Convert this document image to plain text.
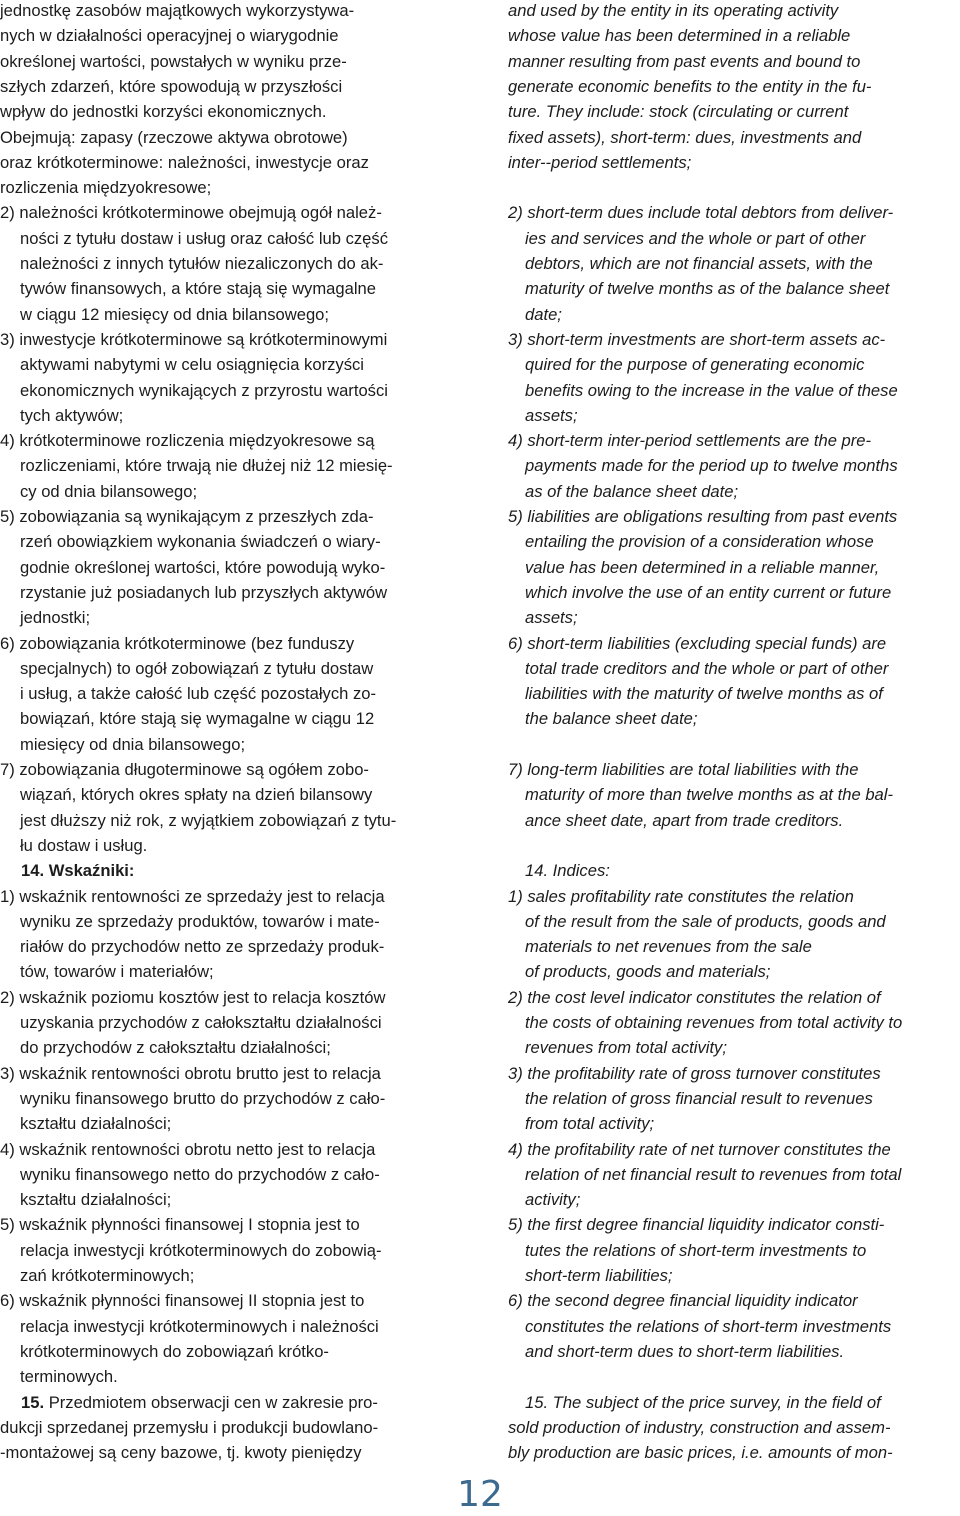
jednostkę zasobów majątkowych wykorzystywa-
nych w działalności operacyjnej o wiarygodnie
określonej wartości, powstałych w wyniku prze-
szłych zdarzeń, które spowodują w przyszłości
wpływ do jednostki korzyści ekonomicznych.
Obejmują: zapasy (rzeczowe aktywa obrotowe)
oraz krótkoterminowe: należności, inwestycje oraz
rozliczenia międzyokresowe;
2) należności krótkoterminowe obejmują ogół należ-
ności z tytułu dostaw i usług oraz całość lub część
należności z innych tytułów niezaliczonych do ak-
tywów finansowych, a które stają się wymagalne
w ciągu 12 miesięcy od dnia bilansowego;
3) inwestycje krótkoterminowe są krótkoterminowymi
aktywami nabytymi w celu osiągnięcia korzyści
ekonomicznych wynikających z przyrostu wartości
tych aktywów;
4) krótkoterminowe rozliczenia międzyokresowe są
rozliczeniami, które trwają nie dłużej niż 12 miesię-
cy od dnia bilansowego;
5) zobowiązania są wynikającym z przeszłych zda-
rzeń obowiązkiem wykonania świadczeń o wiary-
godnie określonej wartości, które powodują wyko-
rzystanie już posiadanych lub przyszłych aktywów
jednostki;
6) zobowiązania krótkoterminowe (bez funduszy
specjalnych) to ogół zobowiązań z tytułu dostaw
i usług, a także całość lub część pozostałych zo-
bowiązań, które stają się wymagalne w ciągu 12
miesięcy od dnia bilansowego;
7) zobowiązania długoterminowe są ogółem zobo-
wiązań, których okres spłaty na dzień bilansowy
jest dłuższy niż rok, z wyjątkiem zobowiązań z tytu-
łu dostaw i usług.
14. Wskaźniki:
1) wskaźnik rentowności ze sprzedaży jest to relacja
wyniku ze sprzedaży produktów, towarów i mate-
riałów do przychodów netto ze sprzedaży produk-
tów, towarów i materiałów;
2) wskaźnik poziomu kosztów jest to relacja kosztów
uzyskania przychodów z całokształtu działalności
do przychodów z całokształtu działalności;
3) wskaźnik rentowności obrotu brutto jest to relacja
wyniku finansowego brutto do przychodów z cało-
kształtu działalności;
4) wskaźnik rentowności obrotu netto jest to relacja
wyniku finansowego netto do przychodów z cało-
kształtu działalności;
5) wskaźnik płynności finansowej I stopnia jest to
relacja inwestycji krótkoterminowych do zobowią-
zań krótkoterminowych;
6) wskaźnik płynności finansowej II stopnia jest to
relacja inwestycji krótkoterminowych i należności
krótkoterminowych do zobowiązań krótko-
terminowych.
15. Przedmiotem obserwacji cen w zakresie pro-
dukcji sprzedanej przemysłu i produkcji budowlano-
-montażowej są ceny bazowe, tj. kwoty pieniędzy
and used by the entity in its operating activity
whose value has been determined in a reliable
manner resulting from past events and bound to
generate economic benefits to the entity in the fu-
ture. They include: stock (circulating or current
fixed assets), short-term: dues, investments and
inter--period settlements;
2) short-term dues include total debtors from deliver-
ies and services and the whole or part of other
debtors, which are not financial assets, with the
maturity of twelve months as of the balance sheet
date;
3) short-term investments are short-term assets ac-
quired for the purpose of generating economic
benefits owing to the increase in the value of these
assets;
4) short-term inter-period settlements are the pre-
payments made for the period up to twelve months
as of the balance sheet date;
5) liabilities are obligations resulting from past events
entailing the provision of a consideration whose
value has been determined in a reliable manner,
which involve the use of an entity current or future
assets;
6) short-term liabilities (excluding special funds) are
total trade creditors and the whole or part of other
liabilities with the maturity of twelve months as of
the balance sheet date;
7) long-term liabilities are total liabilities with the
maturity of more than twelve months as at the bal-
ance sheet date, apart from trade creditors.
14. Indices:
1) sales profitability rate constitutes the relation
of the result from the sale of products, goods and
materials to net revenues from the sale
of products, goods and materials;
2) the cost level indicator constitutes the relation of
the costs of obtaining revenues from total activity to
revenues from total activity;
3) the profitability rate of gross turnover constitutes
the relation of gross financial result to revenues
from total activity;
4) the profitability rate of net turnover constitutes the
relation of net financial result to revenues from total
activity;
5) the first degree financial liquidity indicator consti-
tutes the relations of short-term investments to
short-term liabilities;
6) the second degree financial liquidity indicator
constitutes the relations of short-term investments
and short-term dues to short-term liabilities.
15. The subject of the price survey, in the field of
sold production of industry, construction and assem-
bly production are basic prices, i.e. amounts of mon-
12
